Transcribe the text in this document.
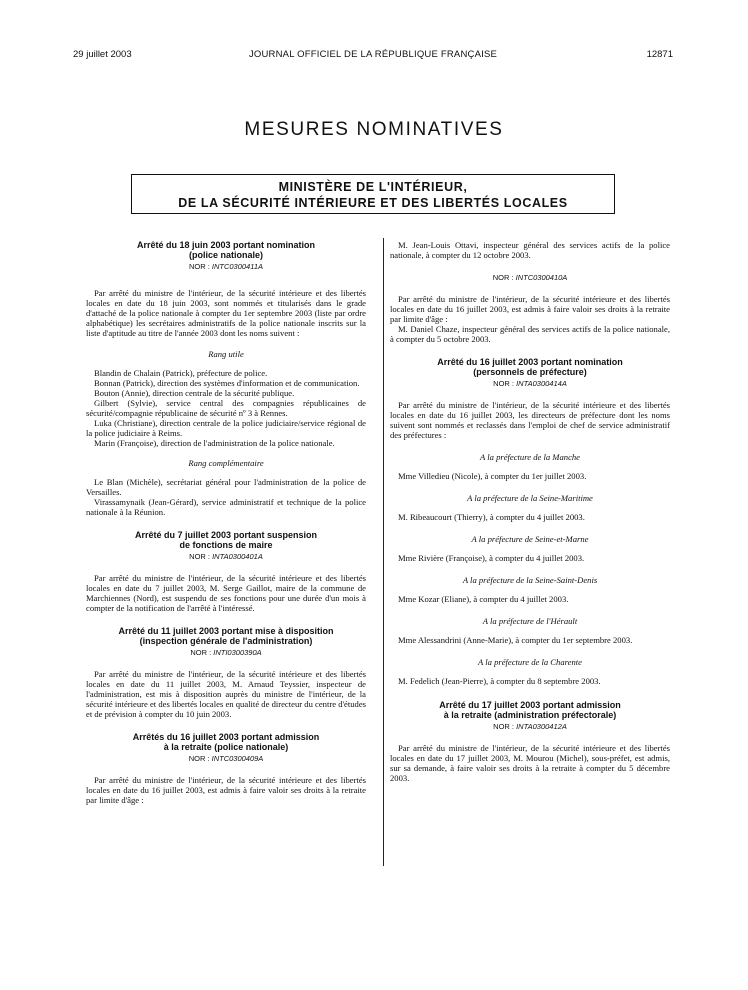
29 juillet 2003	JOURNAL OFFICIEL DE LA RÉPUBLIQUE FRANÇAISE	12871
MESURES NOMINATIVES
MINISTÈRE DE L'INTÉRIEUR,
DE LA SÉCURITÉ INTÉRIEURE ET DES LIBERTÉS LOCALES

Arrêté du 18 juin 2003 portant nomination

(police nationale)

NOR : INTC0300411A

Par arrêté du ministre de l'intérieur, de la sécurité intérieure et des libertés locales en date du 18 juin 2003, sont nommés et titularisés dans le grade d'attaché de la police nationale à compter du 1er septembre 2003 (liste par ordre alphabétique) les secrétaires administratifs de la police nationale inscrits sur la liste d'aptitude au titre de l'année 2003 dont les noms suivent :

Rang utile

Blandin de Chalain (Patrick), préfecture de police.

Bonnan (Patrick), direction des systèmes d'information et de communication.

Bouton (Annie), direction centrale de la sécurité publique.

Gilbert (Sylvie), service central des compagnies républicaines de sécurité/compagnie républicaine de sécurité nº 3 à Rennes.

Luka (Christiane), direction centrale de la police judiciaire/service régional de la police judiciaire à Reims.

Marin (Françoise), direction de l'administration de la police nationale.

Rang complémentaire

Le Blan (Michèle), secrétariat général pour l'administration de la police de Versailles.

Virassamynaik (Jean-Gérard), service administratif et technique de la police nationale à la Réunion.

Arrêté du 7 juillet 2003 portant suspension

de fonctions de maire

NOR : INTA0300401A

Par arrêté du ministre de l'intérieur, de la sécurité intérieure et des libertés locales en date du 7 juillet 2003, M. Serge Gaillot, maire de la commune de Marchiennes (Nord), est suspendu de ses fonctions pour une durée d'un mois à compter de la notification de l'arrêté à l'intéressé.

Arrêté du 11 juillet 2003 portant mise à disposition

(inspection générale de l'administration)

NOR : INTI0300390A

Par arrêté du ministre de l'intérieur, de la sécurité intérieure et des libertés locales en date du 11 juillet 2003, M. Arnaud Teyssier, inspecteur de l'administration, est mis à disposition auprès du ministre de l'intérieur, de la sécurité intérieure et des libertés locales en qualité de directeur du centre d'études et de prévision à compter du 10 juin 2003.

Arrêtés du 16 juillet 2003 portant admission

à la retraite (police nationale)

NOR : INTC0300409A

Par arrêté du ministre de l'intérieur, de la sécurité intérieure et des libertés locales en date du 16 juillet 2003, est admis à faire valoir ses droits à la retraite par limite d'âge :

M. Jean-Louis Ottavi, inspecteur général des services actifs de la police nationale, à compter du 12 octobre 2003.

NOR : INTC0300410A

Par arrêté du ministre de l'intérieur, de la sécurité intérieure et des libertés locales en date du 16 juillet 2003, est admis à faire valoir ses droits à la retraite par limite d'âge :

M. Daniel Chaze, inspecteur général des services actifs de la police nationale, à compter du 5 octobre 2003.

Arrêté du 16 juillet 2003 portant nomination

(personnels de préfecture)

NOR : INTA0300414A

Par arrêté du ministre de l'intérieur, de la sécurité intérieure et des libertés locales en date du 16 juillet 2003, les directeurs de préfecture dont les noms suivent sont nommés et reclassés dans l'emploi de chef de service administratif des préfectures :

A la préfecture de la Manche

Mme Villedieu (Nicole), à compter du 1er juillet 2003.

A la préfecture de la Seine-Maritime

M. Ribeaucourt (Thierry), à compter du 4 juillet 2003.

A la préfecture de Seine-et-Marne

Mme Rivière (Françoise), à compter du 4 juillet 2003.

A la préfecture de la Seine-Saint-Denis

Mme Kozar (Eliane), à compter du 4 juillet 2003.

A la préfecture de l'Hérault

Mme Alessandrini (Anne-Marie), à compter du 1er septembre 2003.

A la préfecture de la Charente

M. Fedelich (Jean-Pierre), à compter du 8 septembre 2003.

Arrêté du 17 juillet 2003 portant admission

à la retraite (administration préfectorale)

NOR : INTA0300412A

Par arrêté du ministre de l'intérieur, de la sécurité intérieure et des libertés locales en date du 17 juillet 2003, M. Mourou (Michel), sous-préfet, est admis, sur sa demande, à faire valoir ses droits à la retraite à compter du 5 décembre 2003.
